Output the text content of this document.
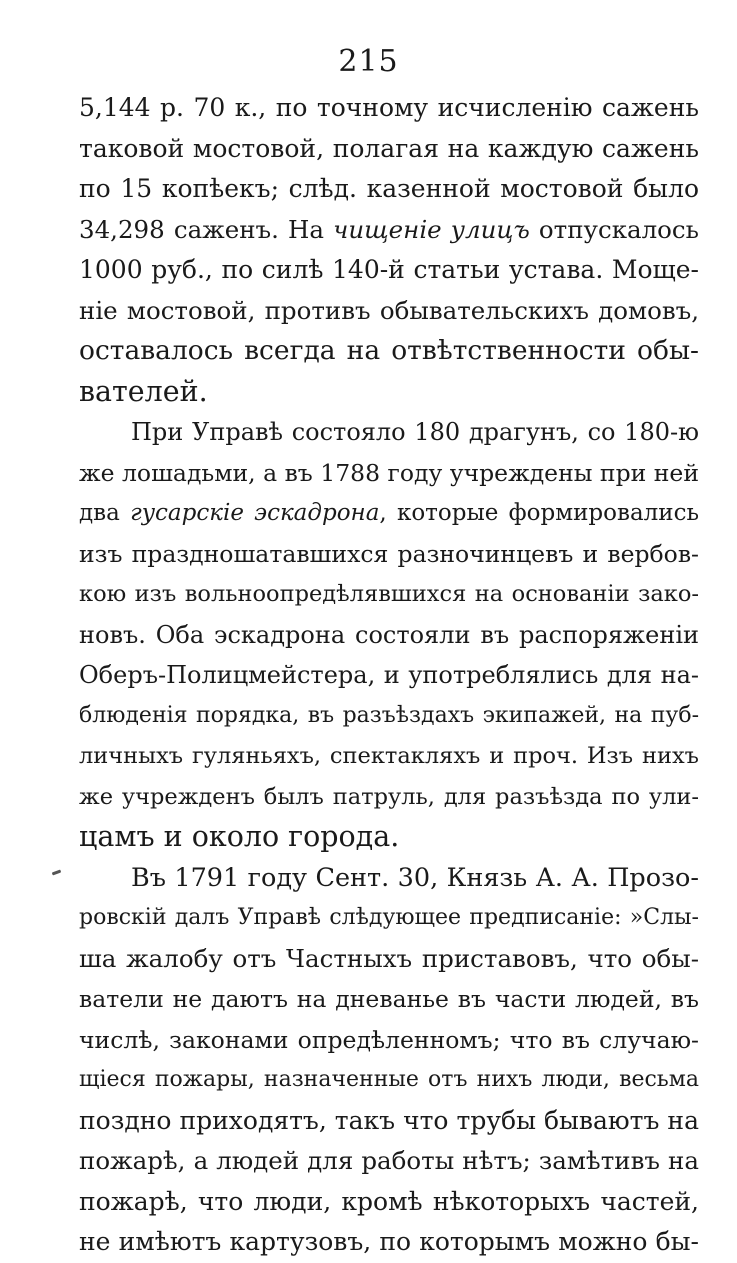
215
5,144 р. 70 к., по точному исчисленію сажень
таковой мостовой, полагая на каждую сажень
по 15 копѣекъ; слѣд. казенной мостовой было
34,298 саженъ. На чищеніе улицъ отпускалось
1000 руб., по силѣ 140-й статьи устава. Моще-
ніе мостовой, противъ обывательскихъ домовъ,
оставалось всегда на отвѣтственности обы-
вателей.
При Управѣ состояло 180 драгунъ, со 180-ю
же лошадьми, а въ 1788 году учреждены при ней
два гусарскіе эскадрона, которые формировались
изъ праздношатавшихся разночинцевъ и вербов-
кою изъ вольноопредѣлявшихся на основаніи зако-
новъ. Оба эскадрона состояли въ распоряженіи
Оберъ-Полицмейстера, и употреблялись для на-
блюденія порядка, въ разъѣздахъ экипажей, на пуб-
личныхъ гуляньяхъ, спектакляхъ и проч. Изъ нихъ
же учрежденъ былъ патруль, для разъѣзда по ули-
цамъ и около города.
Въ 1791 году Сент. 30, Князь А. А. Прозо-
ровскій далъ Управѣ слѣдующее предписаніе: »Слы-
ша жалобу отъ Частныхъ приставовъ, что обы-
ватели не даютъ на дневанье въ части людей, въ
числѣ, законами опредѣленномъ; что въ случаю-
щіеся пожары, назначенные отъ нихъ люди, весьма
поздно приходятъ, такъ что трубы бываютъ на
пожарѣ, а людей для работы нѣтъ; замѣтивъ на
пожарѣ, что люди, кромѣ нѣкоторыхъ частей,
не имѣютъ картузовъ, по которымъ можно бы-
